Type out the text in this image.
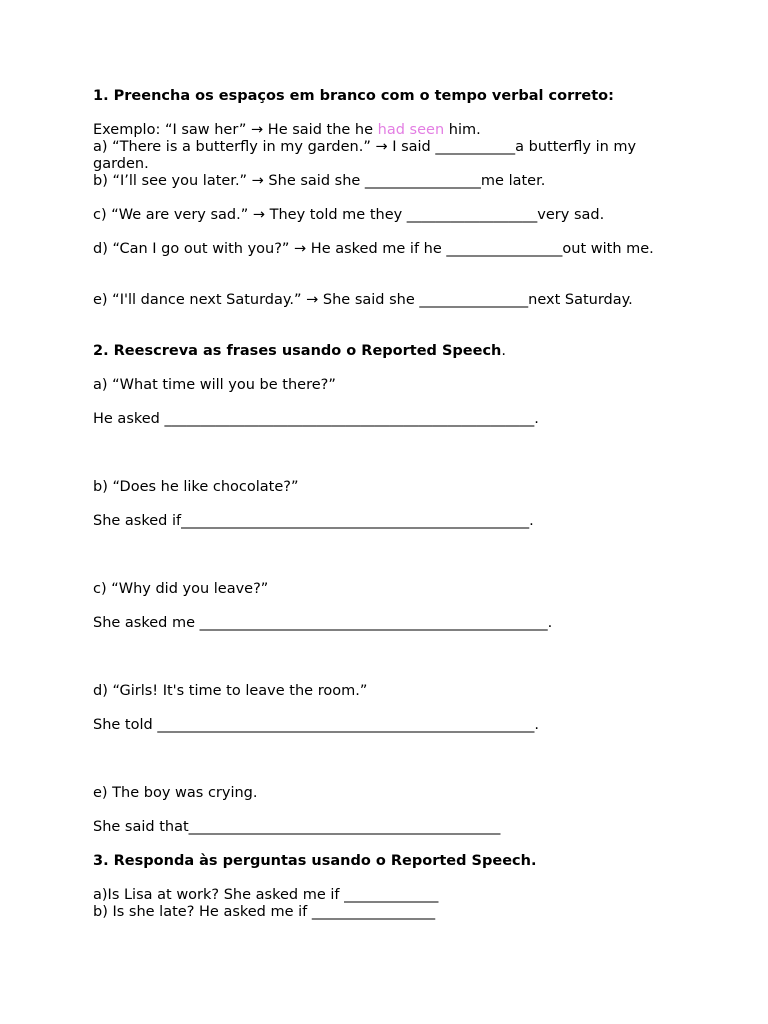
1. Preencha os espaços em branco com o tempo verbal correto:
Exemplo: “I saw her” → He said the he had seen him.
a) “There is a butterfly in my garden.” → I said ___________a butterfly in my garden.
b) “I’ll see you later.” → She said she ________________me later.
c) “We are very sad.” → They told me they __________________very sad.
d) “Can I go out with you?” → He asked me if he ________________out with me.
e) “I'll dance next Saturday.” → She said she _______________next Saturday.
2. Reescreva as frases usando o Reported Speech.
a) “What time will you be there?”
He asked ___________________________________________________.
b) “Does he like chocolate?”
She asked if________________________________________________.
c) “Why did you leave?”
She asked me ________________________________________________.
d) “Girls! It's time to leave the room.”
She told ____________________________________________________.
e) The boy was crying.
She said that___________________________________________
3. Responda às perguntas usando o Reported Speech.
a)Is Lisa at work? She asked me if _____________
b) Is she late? He asked me if _________________
